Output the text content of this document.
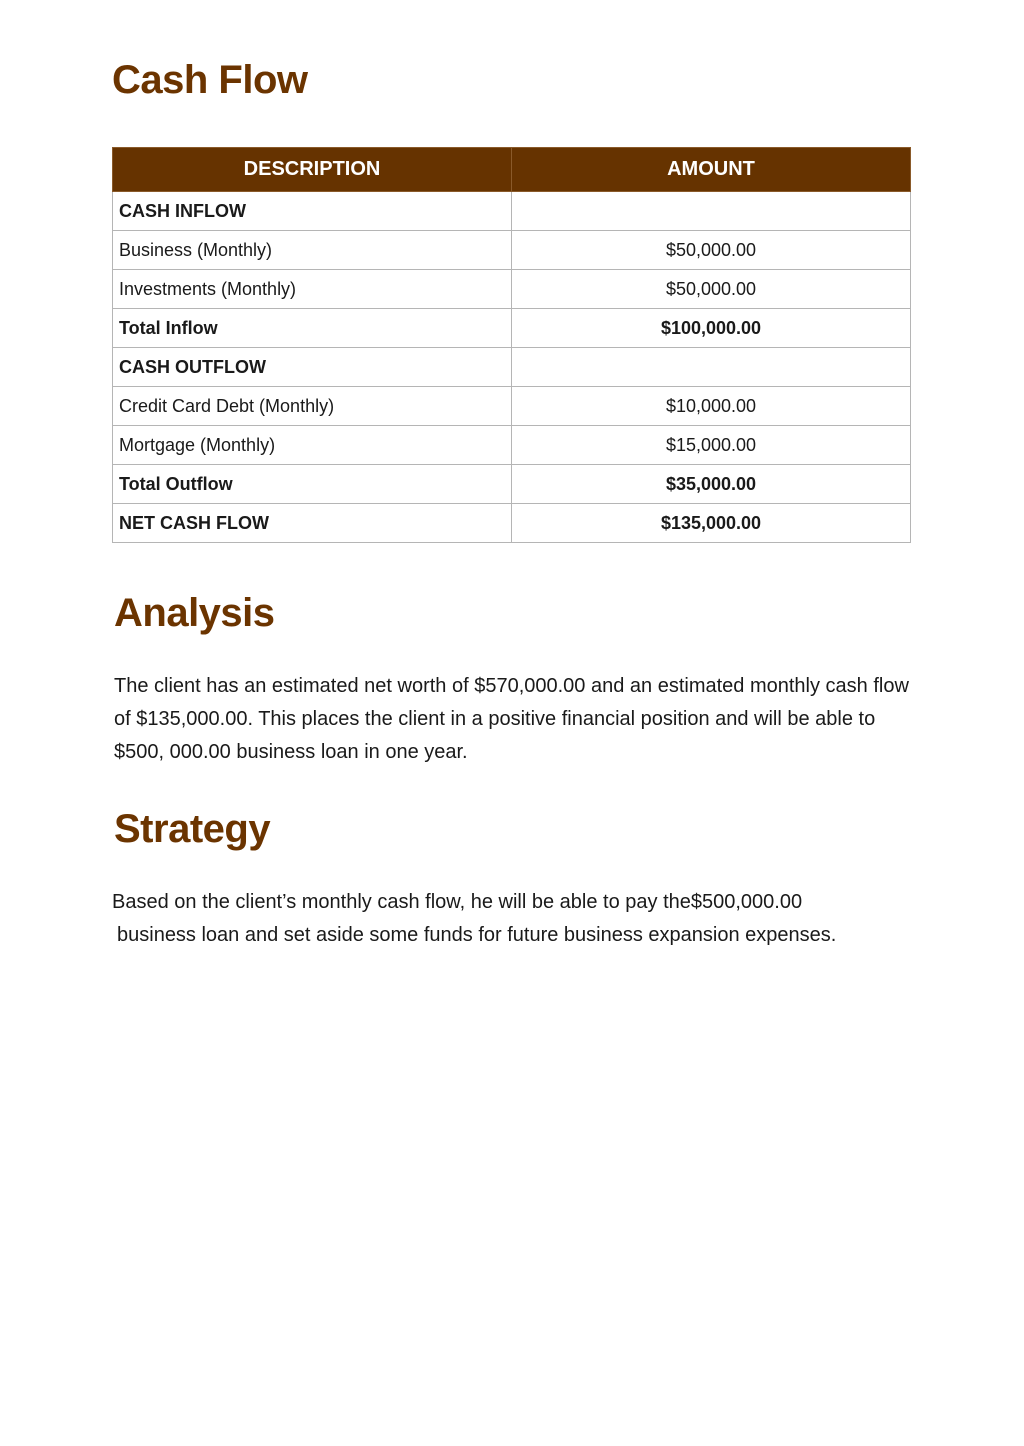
Cash Flow
DESCRIPTION	AMOUNT
CASH INFLOW	
Business (Monthly)	$50,000.00
Investments (Monthly)	$50,000.00
Total Inflow	$100,000.00
CASH OUTFLOW	
Credit Card Debt (Monthly)	$10,000.00
Mortgage (Monthly)	$15,000.00
Total Outflow	$35,000.00
NET CASH FLOW	$135,000.00
Analysis

The client has an estimated net worth of $570,000.00 and an estimated monthly cash flow of $135,000.00. This places the client in a positive financial position and will be able to $500, 000.00 business loan in one year.

Strategy

Based on the client’s monthly cash flow, he will be able to pay the$500,000.00
business loan and set aside some funds for future business expansion expenses.
